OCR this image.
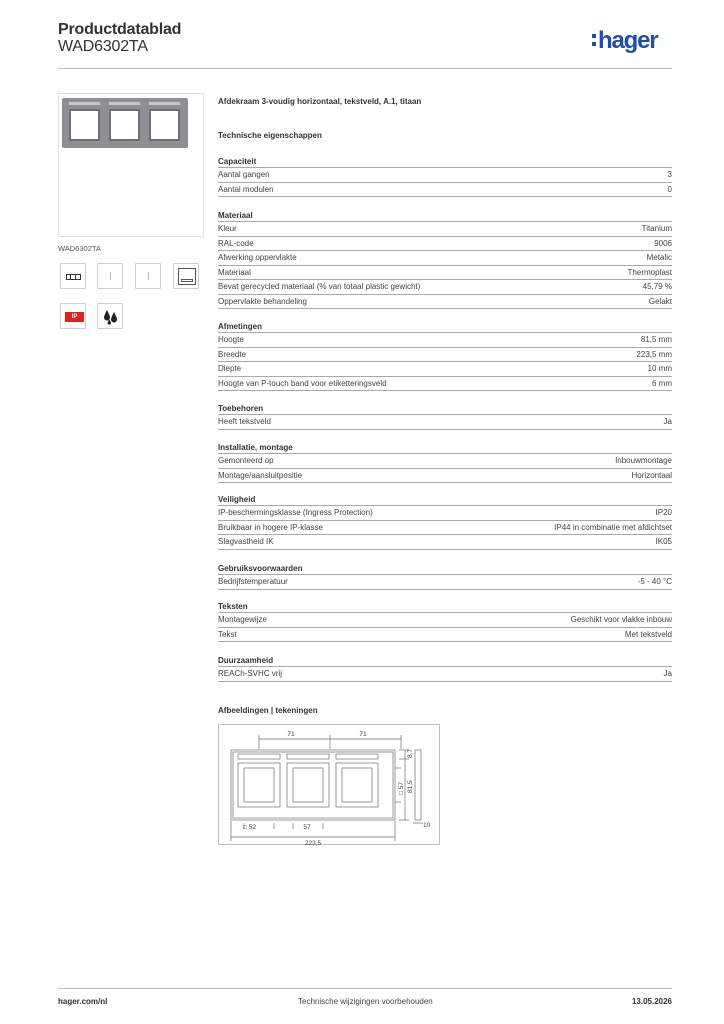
Productdatablad
WAD6302TA	hager
WAD6302TA
IP
Afdekraam 3-voudig horizontaal, tekstveld, A.1, titaan
Technische eigenschappen
Capaciteit
Aantal gangen	3
Aantal modulen	0
Materiaal
Kleur	Titanium
RAL-code	9006
Afwerking oppervlakte	Metalic
Materiaal	Thermoplast
Bevat gerecycled materiaal (% van totaal plastic gewicht)	45,79 %
Oppervlakte behandeling	Gelakt
Afmetingen
Hoogte	81,5 mm
Breedte	223,5 mm
Diepte	10 mm
Hoogte van P-touch band voor etiketteringsveld	6 mm
Toebehoren
Heeft tekstveld	Ja
Installatie, montage
Gemonteerd op	Inbouwmontage
Montage/aansluitpositie	Horizontaal
Veiligheid
IP-beschermingsklasse (Ingress Protection)	IP20
Bruikbaar in hogere IP-klasse	IP44 in combinatie met afdichtset
Slagvastheid IK	IK05
Gebruiksvoorwaarden
Bedrijfstemperatuur	-5 - 40 °C
Teksten
Montagewijze	Geschikt voor vlakke inbouw
Tekst	Met tekstveld
Duurzaamheid
REACh-SVHC vrij	Ja
Afbeeldingen | tekeningen
71	71
□ 52	57
223,5
10
□ 57
8,7
81,5
hager.com/nl	Technische wijzigingen voorbehouden	13.05.2026
